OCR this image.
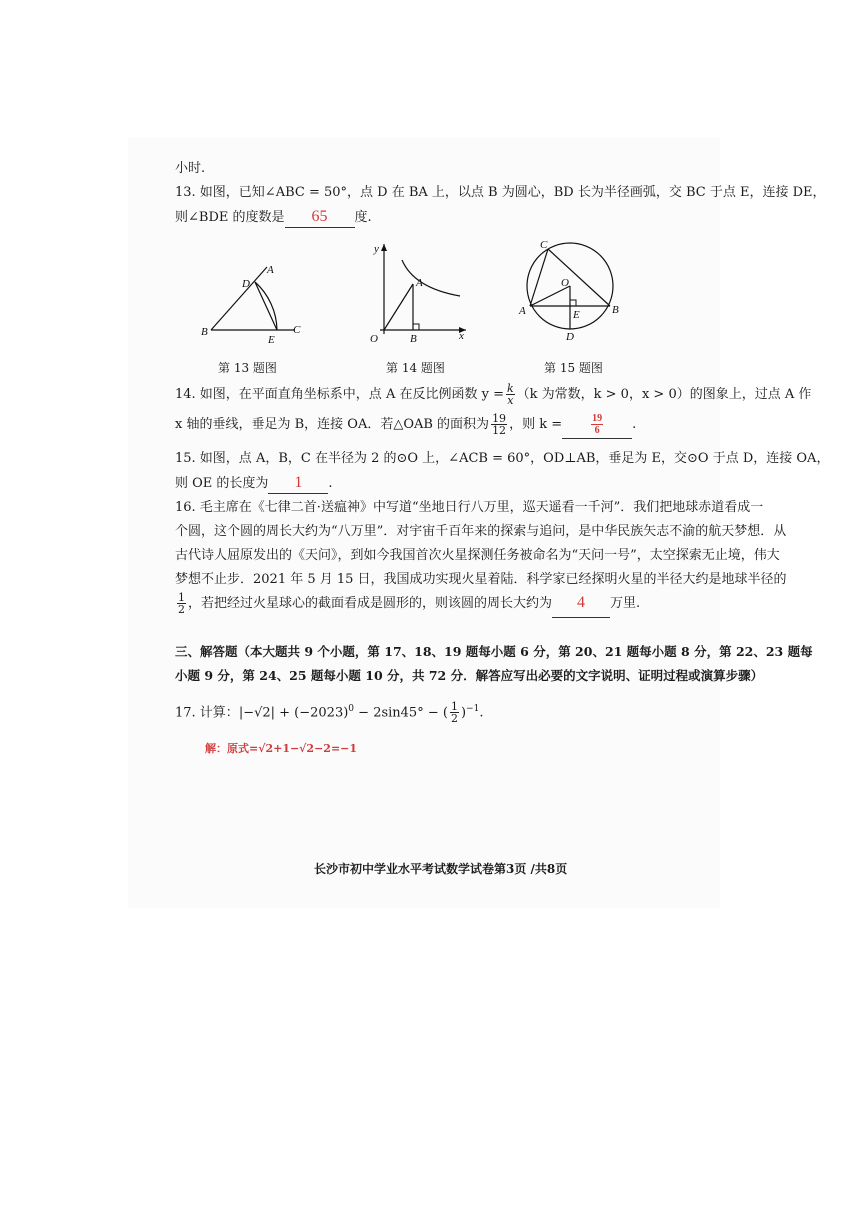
小时.
13. 如图，已知∠ABC = 50°，点 D 在 BA 上，以点 B 为圆心，BD 长为半径画弧，交 BC 于点 E，连接 DE，
则∠BDE 的度数是 65 度.
A
D
B
E
C
y
A
O	B	x
C
O
A	E	B
D
第 13 题图	第 14 题图	第 15 题图
14. 如图，在平面直角坐标系中，点 A 在反比例函数 $y = \frac{k}{x} (k$ 为常数，k > 0，x > 0）的图象上，过点 A 作
x 轴的垂线，垂足为 B，连接 OA．若△OAB 的面积为 $\frac{19}{12}$ ，则 k =	$\frac{19}{6}$ .
15. 如图，点 A，B，C 在半径为 2 的⊙O 上，∠ACB = 60°，OD⊥AB，垂足为 E，交⊙O 于点 D，连接 OA，
则 OE 的长度为 1 .
16. 毛主席在《七律二首·送瘟神》中写道“坐地日行八万里，巡天遥看一千河”．我们把地球赤道看成一
个圆，这个圆的周长大约为“八万里”．对宇宙千百年来的探索与追问，是中华民族矢志不渝的航天梦想．从
古代诗人屈原发出的《天问》，到如今我国首次火星探测任务被命名为“天问一号”，太空探索无止境，伟大
梦想不止步．2021 年 5 月 15 日，我国成功实现火星着陆．科学家已经探明火星的半径大约是地球半径的
$\frac{1}{2}$ ，若把经过火星球心的截面看成是圆形的，则该圆的周长大约为 4 万里.
三、解答题（本大题共 9 个小题，第 17、18、19 题每小题 6 分，第 20、21 题每小题 8 分，第 22、23 题每
小题 9 分，第 24、25 题每小题 10 分，共 72 分．解答应写出必要的文字说明、证明过程或演算步骤）
17. 计算：$|-√2| + (-2023)^0 - 2\sin 45^\circ$ − ( $\frac{1}{2} )^{-1}$.
解：原式=√2+1−√2−2=−1
长沙市初中学业水平考试数学试卷第3页 /共8页
